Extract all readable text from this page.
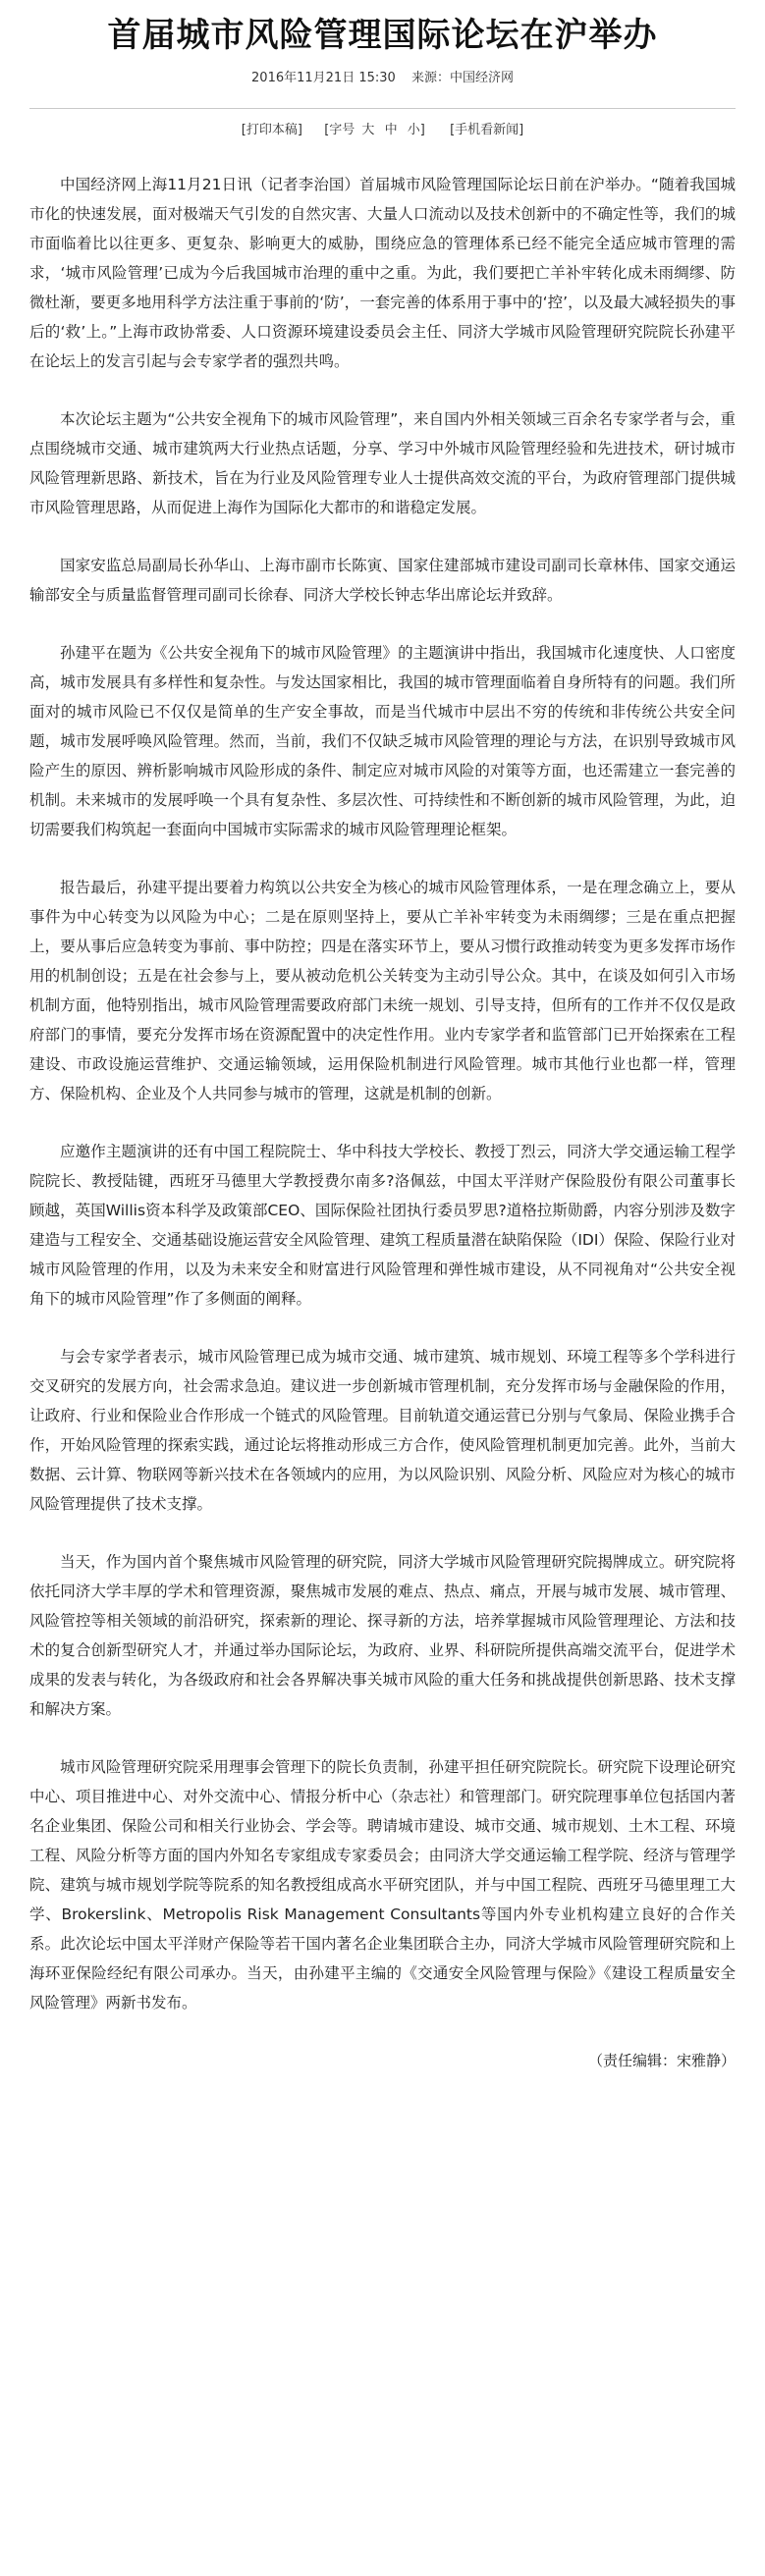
首届城市风险管理国际论坛在沪举办
2016年11月21日 15:30 来源：中国经济网
[打印本稿] [字号 大 中 小] [手机看新闻]

中国经济网上海11月21日讯（记者李治国）首届城市风险管理国际论坛日前在沪举办。“随着我国城市化的快速发展，面对极端天气引发的自然灾害、大量人口流动以及技术创新中的不确定性等，我们的城市面临着比以往更多、更复杂、影响更大的威胁，围绕应急的管理体系已经不能完全适应城市管理的需求，‘城市风险管理’已成为今后我国城市治理的重中之重。为此，我们要把亡羊补牢转化成未雨绸缪、防微杜渐，要更多地用科学方法注重于事前的‘防’，一套完善的体系用于事中的‘控’，以及最大减轻损失的事后的‘救’上。”上海市政协常委、人口资源环境建设委员会主任、同济大学城市风险管理研究院院长孙建平在论坛上的发言引起与会专家学者的强烈共鸣。

本次论坛主题为“公共安全视角下的城市风险管理”，来自国内外相关领域三百余名专家学者与会，重点围绕城市交通、城市建筑两大行业热点话题，分享、学习中外城市风险管理经验和先进技术，研讨城市风险管理新思路、新技术，旨在为行业及风险管理专业人士提供高效交流的平台，为政府管理部门提供城市风险管理思路，从而促进上海作为国际化大都市的和谐稳定发展。

国家安监总局副局长孙华山、上海市副市长陈寅、国家住建部城市建设司副司长章林伟、国家交通运输部安全与质量监督管理司副司长徐春、同济大学校长钟志华出席论坛并致辞。

孙建平在题为《公共安全视角下的城市风险管理》的主题演讲中指出，我国城市化速度快、人口密度高，城市发展具有多样性和复杂性。与发达国家相比，我国的城市管理面临着自身所特有的问题。我们所面对的城市风险已不仅仅是简单的生产安全事故，而是当代城市中层出不穷的传统和非传统公共安全问题，城市发展呼唤风险管理。然而，当前，我们不仅缺乏城市风险管理的理论与方法，在识别导致城市风险产生的原因、辨析影响城市风险形成的条件、制定应对城市风险的对策等方面，也还需建立一套完善的机制。未来城市的发展呼唤一个具有复杂性、多层次性、可持续性和不断创新的城市风险管理，为此，迫切需要我们构筑起一套面向中国城市实际需求的城市风险管理理论框架。

报告最后，孙建平提出要着力构筑以公共安全为核心的城市风险管理体系，一是在理念确立上，要从事件为中心转变为以风险为中心；二是在原则坚持上，要从亡羊补牢转变为未雨绸缪；三是在重点把握上，要从事后应急转变为事前、事中防控；四是在落实环节上，要从习惯行政推动转变为更多发挥市场作用的机制创设；五是在社会参与上，要从被动危机公关转变为主动引导公众。其中，在谈及如何引入市场机制方面，他特别指出，城市风险管理需要政府部门未统一规划、引导支持，但所有的工作并不仅仅是政府部门的事情，要充分发挥市场在资源配置中的决定性作用。业内专家学者和监管部门已开始探索在工程建设、市政设施运营维护、交通运输领域，运用保险机制进行风险管理。城市其他行业也都一样，管理方、保险机构、企业及个人共同参与城市的管理，这就是机制的创新。

应邀作主题演讲的还有中国工程院院士、华中科技大学校长、教授丁烈云，同济大学交通运输工程学院院长、教授陆键，西班牙马德里大学教授费尔南多?洛佩兹，中国太平洋财产保险股份有限公司董事长顾越，英国Willis资本科学及政策部CEO、国际保险社团执行委员罗思?道格拉斯勋爵，内容分别涉及数字建造与工程安全、交通基础设施运营安全风险管理、建筑工程质量潜在缺陷保险（IDI）保险、保险行业对城市风险管理的作用，以及为未来安全和财富进行风险管理和弹性城市建设，从不同视角对“公共安全视角下的城市风险管理”作了多侧面的阐释。

与会专家学者表示，城市风险管理已成为城市交通、城市建筑、城市规划、环境工程等多个学科进行交叉研究的发展方向，社会需求急迫。建议进一步创新城市管理机制，充分发挥市场与金融保险的作用，让政府、行业和保险业合作形成一个链式的风险管理。目前轨道交通运营已分别与气象局、保险业携手合作，开始风险管理的探索实践，通过论坛将推动形成三方合作，使风险管理机制更加完善。此外，当前大数据、云计算、物联网等新兴技术在各领域内的应用，为以风险识别、风险分析、风险应对为核心的城市风险管理提供了技术支撑。

当天，作为国内首个聚焦城市风险管理的研究院，同济大学城市风险管理研究院揭牌成立。研究院将依托同济大学丰厚的学术和管理资源，聚焦城市发展的难点、热点、痛点，开展与城市发展、城市管理、风险管控等相关领域的前沿研究，探索新的理论、探寻新的方法，培养掌握城市风险管理理论、方法和技术的复合创新型研究人才，并通过举办国际论坛，为政府、业界、科研院所提供高端交流平台，促进学术成果的发表与转化，为各级政府和社会各界解决事关城市风险的重大任务和挑战提供创新思路、技术支撑和解决方案。

城市风险管理研究院采用理事会管理下的院长负责制，孙建平担任研究院院长。研究院下设理论研究中心、项目推进中心、对外交流中心、情报分析中心（杂志社）和管理部门。研究院理事单位包括国内著名企业集团、保险公司和相关行业协会、学会等。聘请城市建设、城市交通、城市规划、土木工程、环境工程、风险分析等方面的国内外知名专家组成专家委员会；由同济大学交通运输工程学院、经济与管理学院、建筑与城市规划学院等院系的知名教授组成高水平研究团队，并与中国工程院、西班牙马德里理工大学、Brokerslink、Metropolis Risk Management Consultants等国内外专业机构建立良好的合作关系。此次论坛中国太平洋财产保险等若干国内著名企业集团联合主办，同济大学城市风险管理研究院和上海环亚保险经纪有限公司承办。当天，由孙建平主编的《交通安全风险管理与保险》《建设工程质量安全风险管理》两新书发布。

（责任编辑：宋雅静）
